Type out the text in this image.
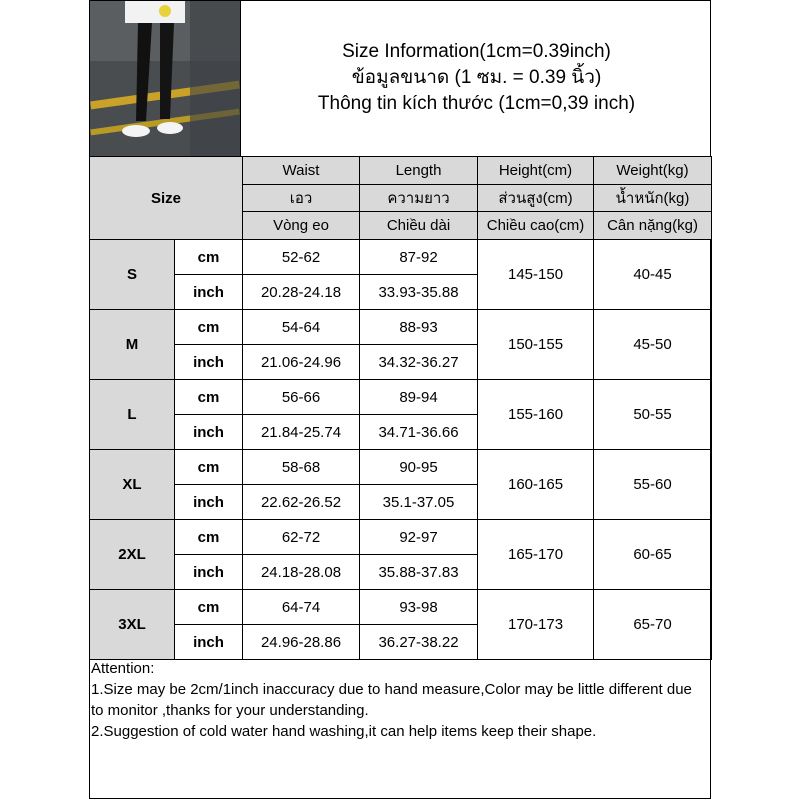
Size Information(1cm=0.39inch)
ข้อมูลขนาด (1 ซม. = 0.39 นิ้ว)
Thông tin kích thước (1cm=0,39 inch)
Size		Waist	Length	Height(cm)	Weight(kg)
		เอว	ความยาว	ส่วนสูง(cm)	น้ำหนัก(kg)
		Vòng eo	Chiều dài	Chiều cao(cm)	Cân nặng(kg)
S	cm	52-62	87-92	145-150	40-45
	inch	20.28-24.18	33.93-35.88		
M	cm	54-64	88-93	150-155	45-50
	inch	21.06-24.96	34.32-36.27		
L	cm	56-66	89-94	155-160	50-55
	inch	21.84-25.74	34.71-36.66		
XL	cm	58-68	90-95	160-165	55-60
	inch	22.62-26.52	35.1-37.05		
2XL	cm	62-72	92-97	165-170	60-65
	inch	24.18-28.08	35.88-37.83		
3XL	cm	64-74	93-98	170-173	65-70
	inch	24.96-28.86	36.27-38.22		
Attention:
1.Size may be 2cm/1inch inaccuracy due to hand measure,Color may be little different due to monitor ,thanks for your understanding.
2.Suggestion of cold water hand washing,it can help items keep their shape.
